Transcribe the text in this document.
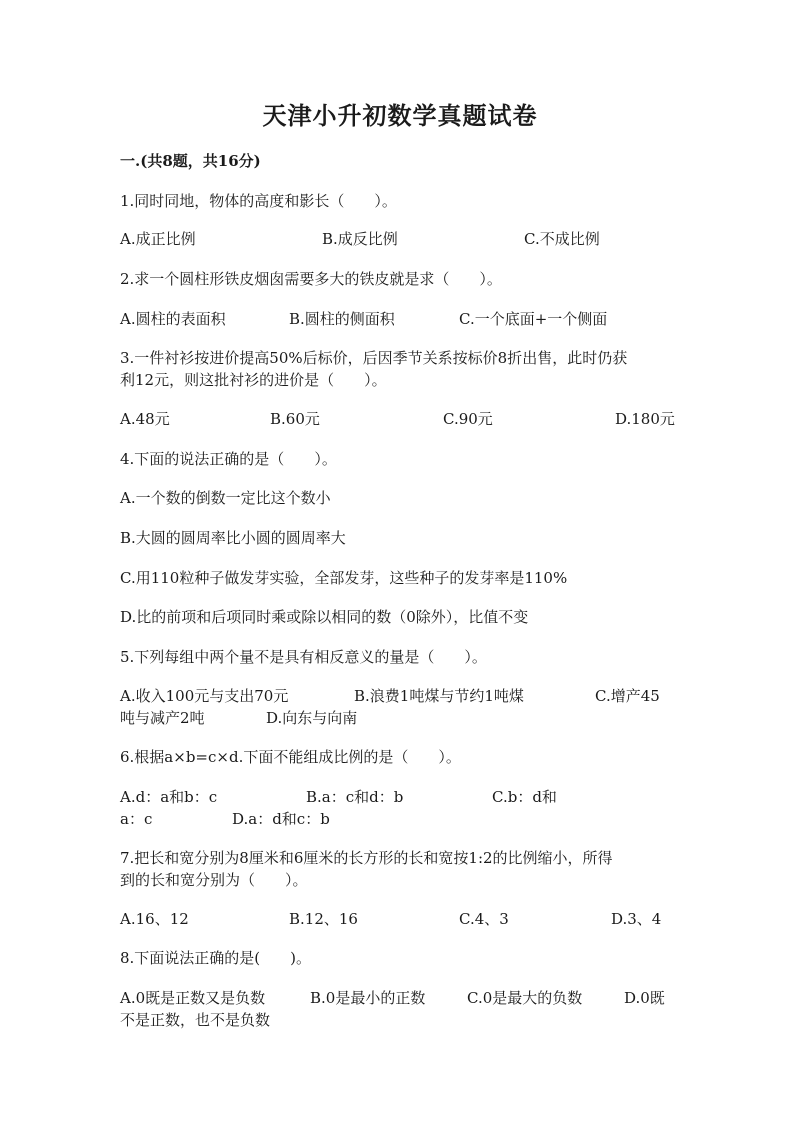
天津小升初数学真题试卷
一.(共8题，共16分)
1.同时同地，物体的高度和影长（　　）。
A.成正比例	B.成反比例	C.不成比例
2.求一个圆柱形铁皮烟囱需要多大的铁皮就是求（　　）。
A.圆柱的表面积	B.圆柱的侧面积	C.一个底面+一个侧面
3.一件衬衫按进价提高50%后标价，后因季节关系按标价8折出售，此时仍获
利12元，则这批衬衫的进价是（　　）。
A.48元	B.60元	C.90元	D.180元
4.下面的说法正确的是（　　）。
A.一个数的倒数一定比这个数小
B.大圆的圆周率比小圆的圆周率大
C.用110粒种子做发芽实验，全部发芽，这些种子的发芽率是110%
D.比的前项和后项同时乘或除以相同的数（0除外），比值不变
5.下列每组中两个量不是具有相反意义的量是（　　）。
A.收入100元与支出70元	B.浪费1吨煤与节约1吨煤	C.增产45
吨与减产2吨	D.向东与向南
6.根据a×b=c×d.下面不能组成比例的是（　　）。
A.d：a和b：c	B.a：c和d：b	C.b：d和
a：c	D.a：d和c：b
7.把长和宽分别为8厘米和6厘米的长方形的长和宽按1:2的比例缩小，所得
到的长和宽分别为（　　）。
A.16、12	B.12、16	C.4、3	D.3、4
8.下面说法正确的是(　　)。
A.0既是正数又是负数	B.0是最小的正数	C.0是最大的负数	D.0既
不是正数，也不是负数
